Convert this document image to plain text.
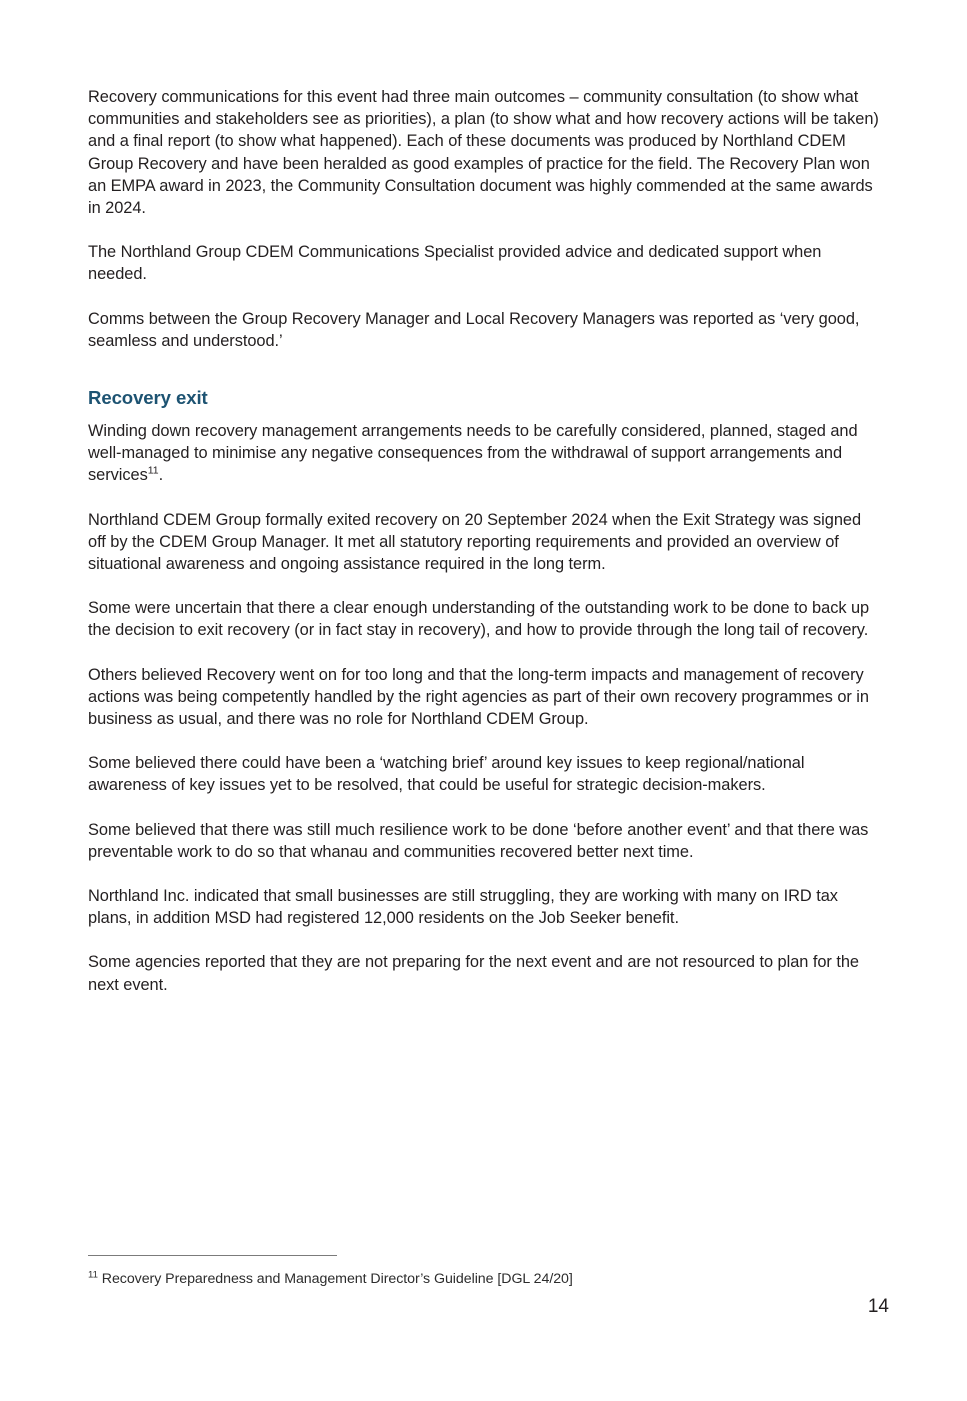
Recovery communications for this event had three main outcomes – community consultation (to show what communities and stakeholders see as priorities), a plan (to show what and how recovery actions will be taken) and a final report (to show what happened). Each of these documents was produced by Northland CDEM Group Recovery and have been heralded as good examples of practice for the field. The Recovery Plan won an EMPA award in 2023, the Community Consultation document was highly commended at the same awards in 2024.

The Northland Group CDEM Communications Specialist provided advice and dedicated support when needed.

Comms between the Group Recovery Manager and Local Recovery Managers was reported as ‘very good, seamless and understood.’

Recovery exit

Winding down recovery management arrangements needs to be carefully considered, planned, staged and well-managed to minimise any negative consequences from the withdrawal of support arrangements and services$^{11}$.

Northland CDEM Group formally exited recovery on 20 September 2024 when the Exit Strategy was signed off by the CDEM Group Manager. It met all statutory reporting requirements and provided an overview of situational awareness and ongoing assistance required in the long term.

Some were uncertain that there a clear enough understanding of the outstanding work to be done to back up the decision to exit recovery (or in fact stay in recovery), and how to provide through the long tail of recovery.

Others believed Recovery went on for too long and that the long-term impacts and management of recovery actions was being competently handled by the right agencies as part of their own recovery programmes or in business as usual, and there was no role for Northland CDEM Group.

Some believed there could have been a ‘watching brief’ around key issues to keep regional/national awareness of key issues yet to be resolved, that could be useful for strategic decision-makers.

Some believed that there was still much resilience work to be done ‘before another event’ and that there was preventable work to do so that whanau and communities recovered better next time.

Northland Inc. indicated that small businesses are still struggling, they are working with many on IRD tax plans, in addition MSD had registered 12,000 residents on the Job Seeker benefit.

Some agencies reported that they are not preparing for the next event and are not resourced to plan for the next event.

$^{11}$ Recovery Preparedness and Management Director’s Guideline [DGL 24/20]

14
